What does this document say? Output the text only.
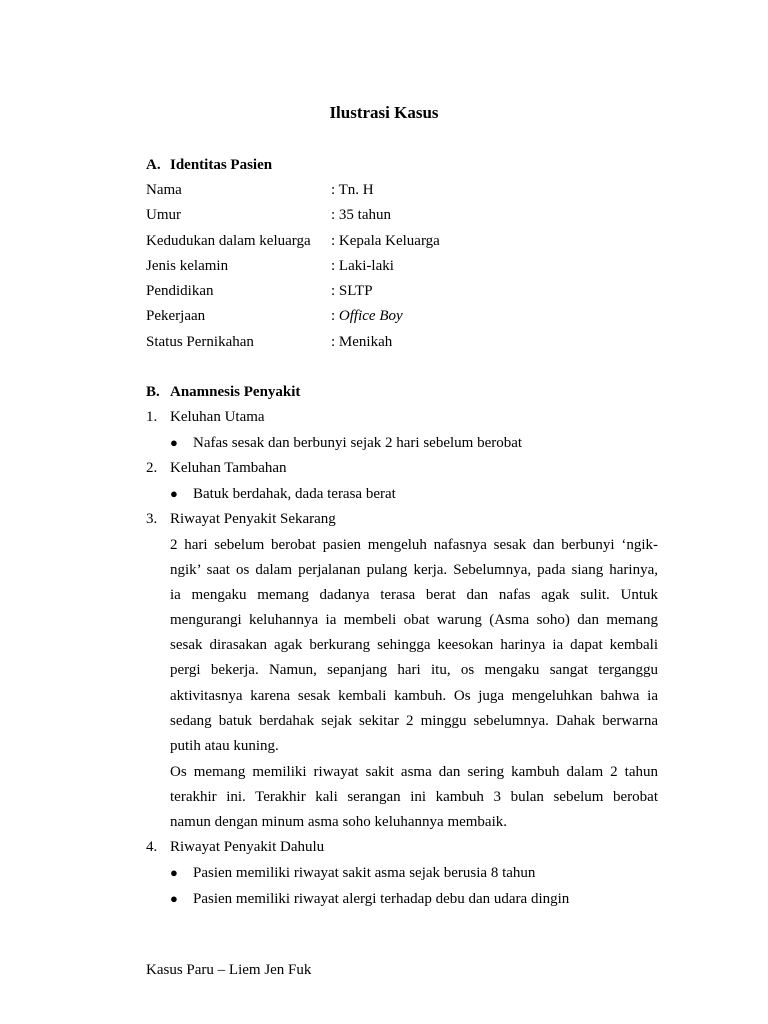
Ilustrasi Kasus
A. Identitas Pasien
Nama	: Tn. H
Umur	: 35 tahun
Kedudukan dalam keluarga : Kepala Keluarga
Jenis kelamin	: Laki-laki
Pendidikan	: SLTP
Pekerjaan	: Office Boy
Status Pernikahan	: Menikah
B. Anamnesis Penyakit
1. Keluhan Utama
● Nafas sesak dan berbunyi sejak 2 hari sebelum berobat
2. Keluhan Tambahan
● Batuk berdahak, dada terasa berat
3. Riwayat Penyakit Sekarang
2 hari sebelum berobat pasien mengeluh nafasnya sesak dan berbunyi ‘ngik-
ngik’ saat os dalam perjalanan pulang kerja. Sebelumnya, pada siang harinya,
ia mengaku memang dadanya terasa berat dan nafas agak sulit. Untuk
mengurangi keluhannya ia membeli obat warung (Asma soho) dan memang
sesak dirasakan agak berkurang sehingga keesokan harinya ia dapat kembali
pergi bekerja. Namun, sepanjang hari itu, os mengaku sangat terganggu
aktivitasnya karena sesak kembali kambuh. Os juga mengeluhkan bahwa ia
sedang batuk berdahak sejak sekitar 2 minggu sebelumnya. Dahak berwarna
putih atau kuning.
Os memang memiliki riwayat sakit asma dan sering kambuh dalam 2 tahun
terakhir ini. Terakhir kali serangan ini kambuh 3 bulan sebelum berobat
namun dengan minum asma soho keluhannya membaik.
4. Riwayat Penyakit Dahulu
● Pasien memiliki riwayat sakit asma sejak berusia 8 tahun
● Pasien memiliki riwayat alergi terhadap debu dan udara dingin
Kasus Paru – Liem Jen Fuk
